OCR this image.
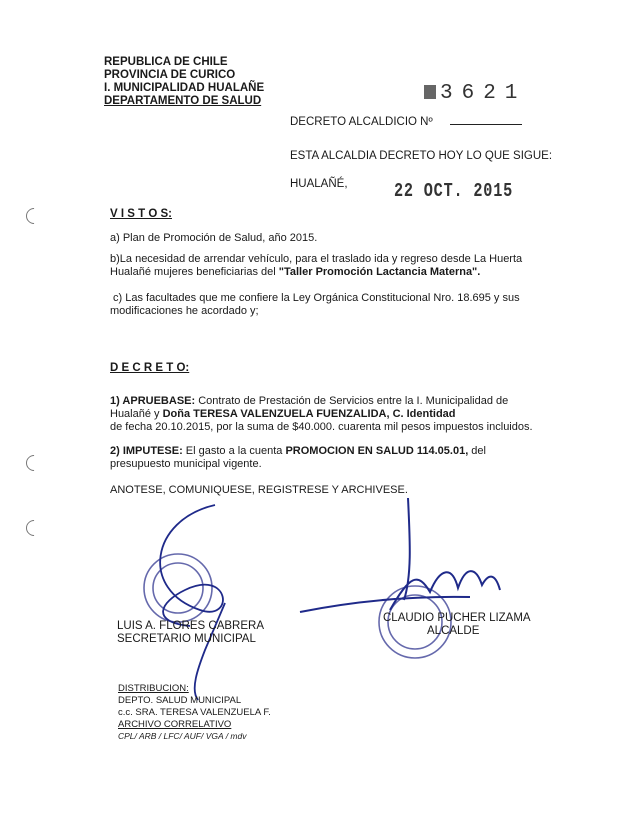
REPUBLICA DE CHILE
PROVINCIA DE CURICO
I. MUNICIPALIDAD HUALAÑE
DEPARTAMENTO DE SALUD	3621
DECRETO ALCALDICIO Nº
ESTA ALCALDIA DECRETO HOY LO QUE SIGUE:
HUALAÑÉ, 22 OCT. 2015
V I S T O S:
a) Plan de Promoción de Salud, año 2015.
b)La necesidad de arrendar vehículo, para el traslado ida y regreso desde La Huerta
Hualañé mujeres beneficiarias del "Taller Promoción Lactancia Materna".
c) Las facultades que me confiere la Ley Orgánica Constitucional Nro. 18.695 y sus
modificaciones he acordado y;
D E C R E T O:
1) APRUEBASE: Contrato de Prestación de Servicios entre la I. Municipalidad de
Hualañé y Doña TERESA VALENZUELA FUENZALIDA, C. Identidad
de fecha 20.10.2015, por la suma de $40.000. cuarenta mil pesos impuestos incluidos.
2) IMPUTESE: El gasto a la cuenta PROMOCION EN SALUD 114.05.01, del
presupuesto municipal vigente.
ANOTESE, COMUNIQUESE, REGISTRESE Y ARCHIVESE.
LUIS A. FLORES CABRERA
SECRETARIO MUNICIPAL
CLAUDIO PUCHER LIZAMA
ALCALDE
DISTRIBUCION:
DEPTO. SALUD MUNICIPAL
c.c. SRA. TERESA VALENZUELA F.
ARCHIVO CORRELATIVO
CPL/ ARB / LFC/ AUF/ VGA / mdv
